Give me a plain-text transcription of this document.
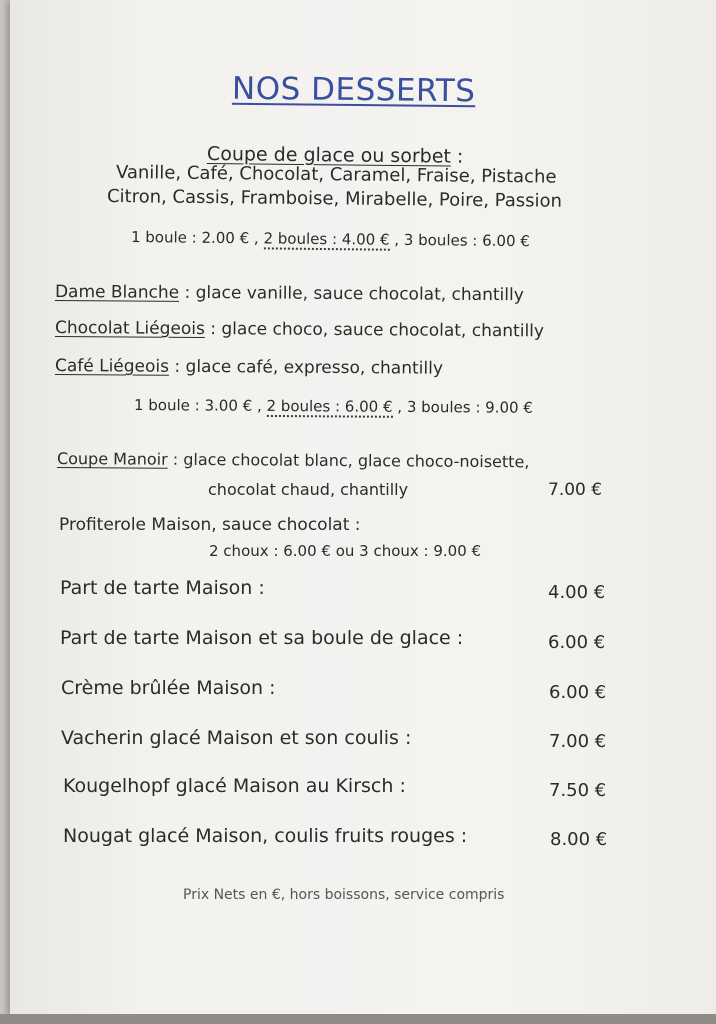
NOS DESSERTS
Coupe de glace ou sorbet :
Vanille, Café, Chocolat, Caramel, Fraise, Pistache
Citron, Cassis, Framboise, Mirabelle, Poire, Passion
1 boule : 2.00 € , 2 boules : 4.00 € , 3 boules : 6.00 €
Dame Blanche : glace vanille, sauce chocolat, chantilly
Chocolat Liégeois : glace choco, sauce chocolat, chantilly
Café Liégeois : glace café, expresso, chantilly
1 boule : 3.00 € , 2 boules : 6.00 € , 3 boules : 9.00 €
Coupe Manoir : glace chocolat blanc, glace choco-noisette,
chocolat chaud, chantilly	7.00 €
Profiterole Maison, sauce chocolat :
2 choux : 6.00 € ou 3 choux : 9.00 €
Part de tarte Maison :	4.00 €
Part de tarte Maison et sa boule de glace :	6.00 €
Crème brûlée Maison :	6.00 €
Vacherin glacé Maison et son coulis :	7.00 €
Kougelhopf glacé Maison au Kirsch :	7.50 €
Nougat glacé Maison, coulis fruits rouges :	8.00 €
Prix Nets en €, hors boissons, service compris
